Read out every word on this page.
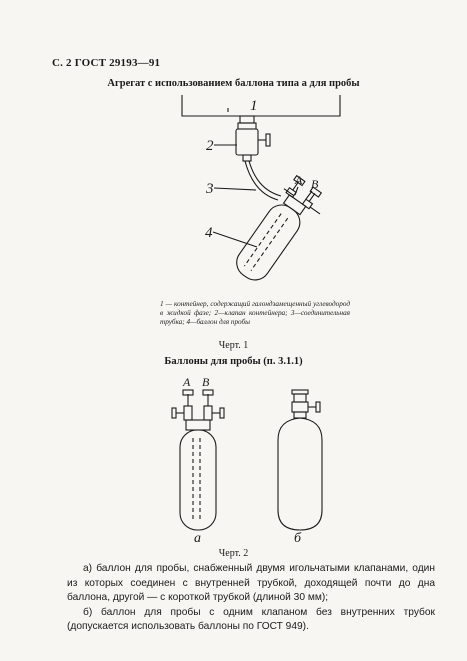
С. 2 ГОСТ 29193—91
Агрегат с использованием баллона типа а для пробы
1
2
3
4
А В
1 — контейнер, содержащий галондзамещенный углеводород в жидкой фазе; 2—клапан контейнера; 3—соединительная трубка; 4—баллон для пробы
Черт. 1
Баллоны для пробы (п. 3.1.1)
А В
а	б
Черт. 2

а) баллон для пробы, снабженный двумя игольчатыми клапанами, один из которых соединен с внутренней трубкой, доходящей почти до дна баллона, другой — с короткой трубкой (длиной 30 мм);

б) баллон для пробы с одним клапаном без внутренних трубок (допускается использовать баллоны по ГОСТ 949).
